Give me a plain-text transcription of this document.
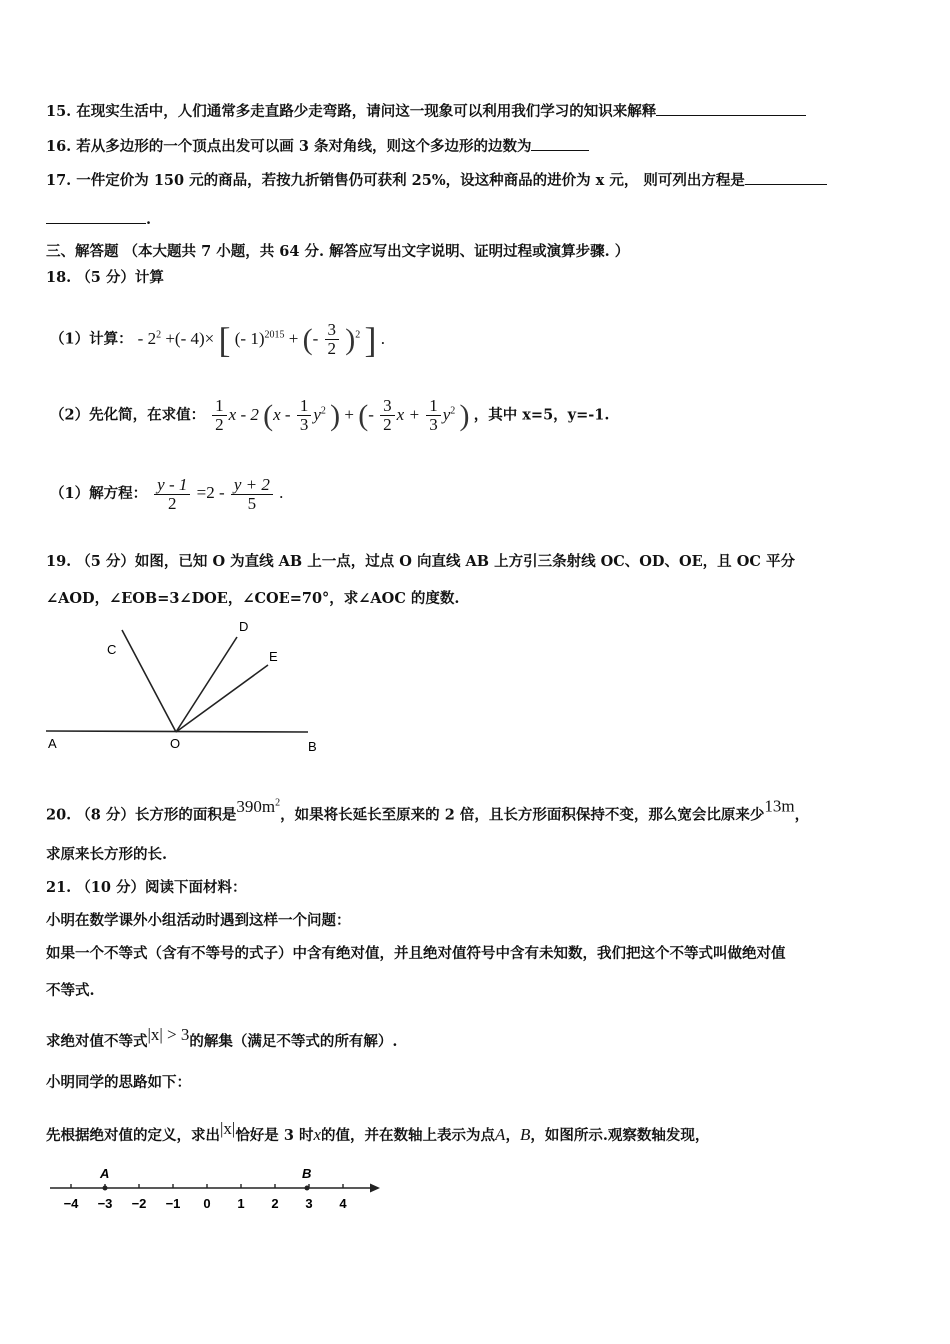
15. 在现实生活中，人们通常多走直路少走弯路，请问这一现象可以利用我们学习的知识来解释
16. 若从多边形的一个顶点出发可以画 3 条对角线，则这个多边形的边数为
17. 一件定价为 150 元的商品，若按九折销售仍可获利 25%，设这种商品的进价为 x 元， 则可列出方程是
.
三、解答题 （本大题共 7 小题，共 64 分. 解答应写出文字说明、证明过程或演算步骤. ）
18. （5 分）计算
（1）计算： - $2^2$ +(- 4)× [ (- 1)$^{2015}$ + (- $\frac{3}{2} )^2$ ] .
（2）先化简，在求值： $\frac{1}{2}$ x - 2 ($x - \frac{1}{3} y^2$ ) + (- $\frac{3}{2}$ $x + \frac{1}{3} y^2$ ) ，其中 x=5，y=-1.
（1）解方程： $\frac{y - 1}{2} =2 - \frac{y + 2}{5}$ .
19. （5 分）如图，已知 O 为直线 AB 上一点，过点 O 向直线 AB 上方引三条射线 OC、OD、OE，且 OC 平分
∠AOD，∠EOB=3∠DOE，∠COE=70°，求∠AOC 的度数.
A	O	B
C
D
E
20. （8 分）长方形的面积是$390m^2$，如果将长延长至原来的 2 倍，且长方形面积保持不变，那么宽会比原来少13m，
求原来长方形的长.
21. （10 分）阅读下面材料：
小明在数学课外小组活动时遇到这样一个问题：
如果一个不等式（含有不等号的式子）中含有绝对值，并且绝对值符号中含有未知数，我们把这个不等式叫做绝对值
不等式.
求绝对值不等式|x| > 3的解集（满足不等式的所有解）.
小明同学的思路如下：
先根据绝对值的定义，求出|x|恰好是 3 时x的值，并在数轴上表示为点A，B，如图所示.观察数轴发现，
−4 −3 −2 −1 0 1 2 3 4
A	B
